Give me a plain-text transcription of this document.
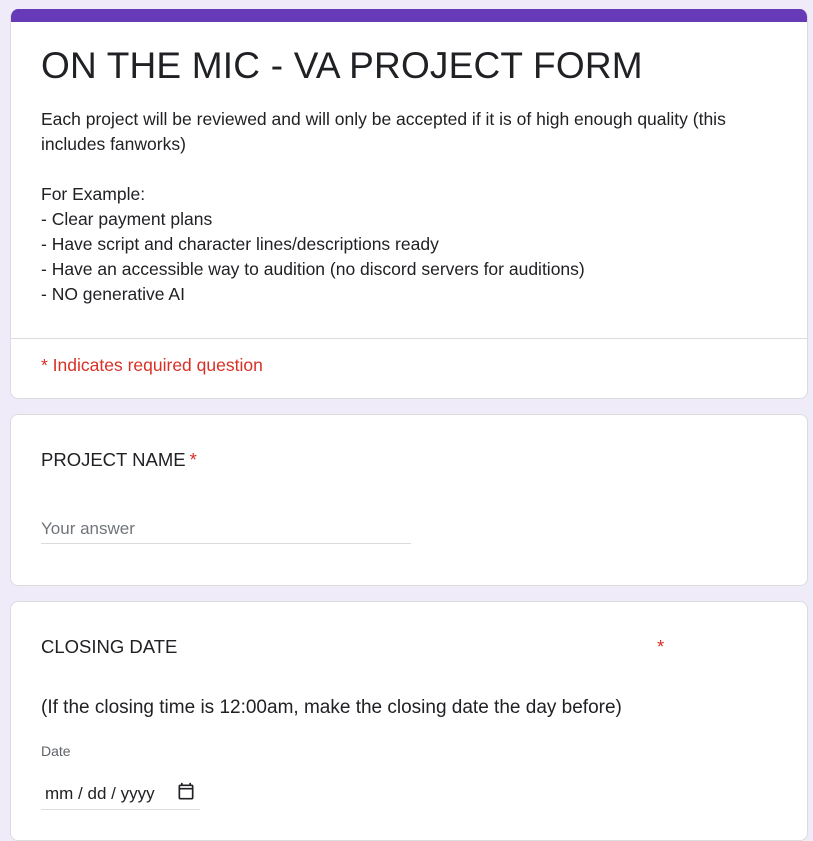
ON THE MIC - VA PROJECT FORM

Each project will be reviewed and will only be accepted if it is of high enough quality (this includes fanworks)

For Example:

- Clear payment plans

- Have script and character lines/descriptions ready

- Have an accessible way to audition (no discord servers for auditions)

- NO generative AI

* Indicates required question
PROJECT NAME *
Your answer
CLOSING DATE	*
(If the closing time is 12:00am, make the closing date the day before)
Date
mm / dd / yyyy
